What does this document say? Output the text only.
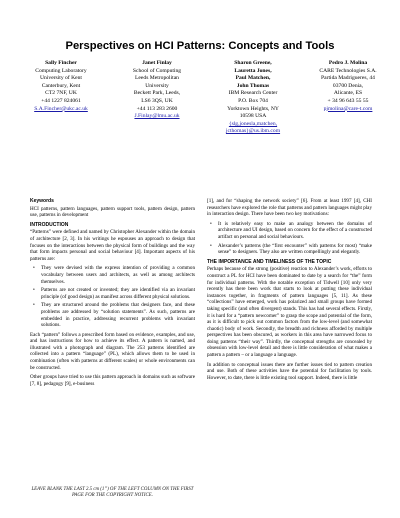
Perspectives on HCI Patterns: Concepts and Tools
Sally Fincher
Computing Laboratory
University of Kent
Canterbury, Kent
CT2 7NF, UK
+44 1227 824061
S.A.Fincher@ukc.ac.uk
Janet Finlay
School of Computing
Leeds Metropolitan
University
Beckett Park, Leeds,
LS6 3QS, UK
+44 113 283 2600
J.Finlay@lmu.ac.uk
Sharon Greene,
Lauretta Jones,
Paul Matchen,
John Thomas
IBM Research Center
P.O. Box 704
Yorktown Heights, NY
10598 USA
{slg,jonesla,matchen,
jcthomas}@us.ibm.com
Pedro J. Molina
CARE Technologies S.A.
Partida Madrigueres, 44
03700 Denia,
Alicante, ES
+ 34 96 643 55 55
pjmolina@care-t.com
Keywords
HCI patterns, pattern languages, pattern support tools, pattern design, pattern use, patterns in development
INTRODUCTION
“Patterns” were defined and named by Christopher Alexander within the domain of architecture [2, 3]. In his writings he espouses an approach to design that focuses on the interactions between the physical form of buildings and the way that form impacts personal and social behaviour [4]. Important aspects of his patterns are:
• They were devised with the express intention of providing a common vocabulary between users and architects, as well as among architects themselves.
• Patterns are not created or invented; they are identified via an invariant principle (of good design) as manifest across different physical solutions.
• They are structured around the problems that designers face, and these problems are addressed by “solution statements”. As such, patterns are embedded in practice, addressing recurrent problems with invariant solutions.
Each “pattern” follows a prescribed form based on evidence, examples, and use, and has instructions for how to achieve its effect. A pattern is named, and illustrated with a photograph and diagram. The 253 patterns identified are collected into a pattern “language” (PL), which allows them to be used in combination (often with patterns at different scales) or whole environments can be constructed.
Other groups have tried to use this pattern approach in domains such as software [7, 8], pedagogy [9], e-business
LEAVE BLANK THE LAST 2.5 cm (1”) OF THE LEFT COLUMN ON THE FIRST PAGE FOR THE COPYRIGHT NOTICE.
[1], and for “shaping the network society” [6]. From at least 1997 [4], CHI researchers have explored the role that patterns and pattern languages might play in interaction design. There have been two key motivations:
• It is relatively easy to make an analogy between the domains of architecture and UI design, based on concern for the effect of a constructed artifact on personal and social behaviours.
• Alexander’s patterns (the “first encounter” with patterns for most) “make sense” to designers. They also are written compellingly and elegantly.
THE IMPORTANCE AND TIMELINESS OF THE TOPIC
Perhaps because of the strong (positive) reaction to Alexander’s work, efforts to construct a PL for HCI have been dominated to date by a search for “the” form for individual patterns. With the notable exception of Tidwell [10] only very recently has there been work that starts to look at putting these individual instances together, in fragments of pattern languages [5, 11]. As these “collections” have emerged, work has polarized and small groups have formed taking specific (and often divergent) stands. This has had several effects. Firstly, it is hard for a “pattern newcomer” to grasp the scope and potential of the form, as it is difficult to pick out common factors from the low-level (and somewhat chaotic) body of work. Secondly, the breadth and richness afforded by multiple perspectives has been obscured, as workers in this area have narrowed focus to doing patterns “their way”. Thirdly, the conceptual strengths are concealed by obsession with low-level detail and there is little consideration of what makes a pattern a pattern – or a language a language.
In addition to conceptual issues there are further issues tied to pattern creation and use. Both of these activities have the potential for facilitation by tools. However, to date, there is little existing tool support. Indeed, there is little
